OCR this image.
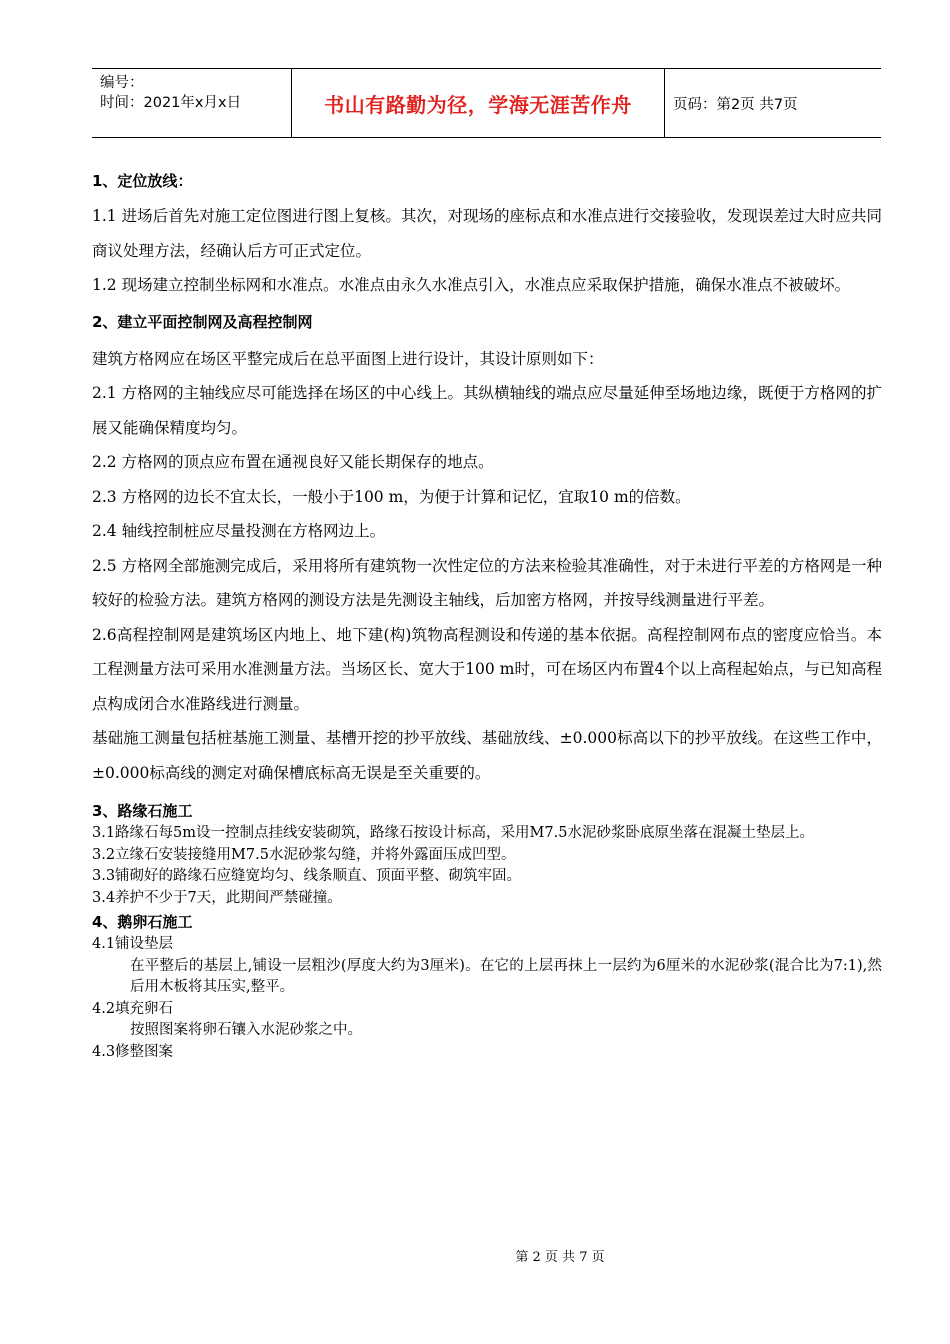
编号：
时间：2021年x月x日	书山有路勤为径，学海无涯苦作舟	页码：第2页 共7页

1、定位放线：

1.1 进场后首先对施工定位图进行图上复核。其次，对现场的座标点和水准点进行交接验收，发现误差过大时应共同商议处理方法，经确认后方可正式定位。

1.2 现场建立控制坐标网和水准点。水准点由永久水准点引入，水准点应采取保护措施，确保水准点不被破坏。

2、建立平面控制网及高程控制网

建筑方格网应在场区平整完成后在总平面图上进行设计，其设计原则如下：

2.1 方格网的主轴线应尽可能选择在场区的中心线上。其纵横轴线的端点应尽量延伸至场地边缘，既便于方格网的扩展又能确保精度均匀。

2.2 方格网的顶点应布置在通视良好又能长期保存的地点。

2.3 方格网的边长不宜太长，一般小于100 m，为便于计算和记忆，宜取10 m的倍数。

2.4 轴线控制桩应尽量投测在方格网边上。

2.5 方格网全部施测完成后，采用将所有建筑物一次性定位的方法来检验其准确性，对于未进行平差的方格网是一种较好的检验方法。建筑方格网的测设方法是先测设主轴线，后加密方格网，并按导线测量进行平差。

2.6高程控制网是建筑场区内地上、地下建(构)筑物高程测设和传递的基本依据。高程控制网布点的密度应恰当。本工程测量方法可采用水准测量方法。当场区长、宽大于100 m时，可在场区内布置4个以上高程起始点，与已知高程点构成闭合水准路线进行测量。

基础施工测量包括桩基施工测量、基槽开挖的抄平放线、基础放线、±0.000标高以下的抄平放线。在这些工作中，±0.000标高线的测定对确保槽底标高无误是至关重要的。

3、路缘石施工

3.1路缘石每5m设一控制点挂线安装砌筑，路缘石按设计标高，采用M7.5水泥砂浆卧底原坐落在混凝土垫层上。

3.2立缘石安装接缝用M7.5水泥砂浆勾缝，并将外露面压成凹型。

3.3铺砌好的路缘石应缝宽均匀、线条顺直、顶面平整、砌筑牢固。

3.4养护不少于7天，此期间严禁碰撞。

4、鹅卵石施工

4.1铺设垫层

在平整后的基层上,铺设一层粗沙(厚度大约为3厘米)。在它的上层再抹上一层约为6厘米的水泥砂浆(混合比为7:1),然后用木板将其压实,整平。

4.2填充卵石

按照图案将卵石镶入水泥砂浆之中。

4.3修整图案

第 2 页 共 7 页
